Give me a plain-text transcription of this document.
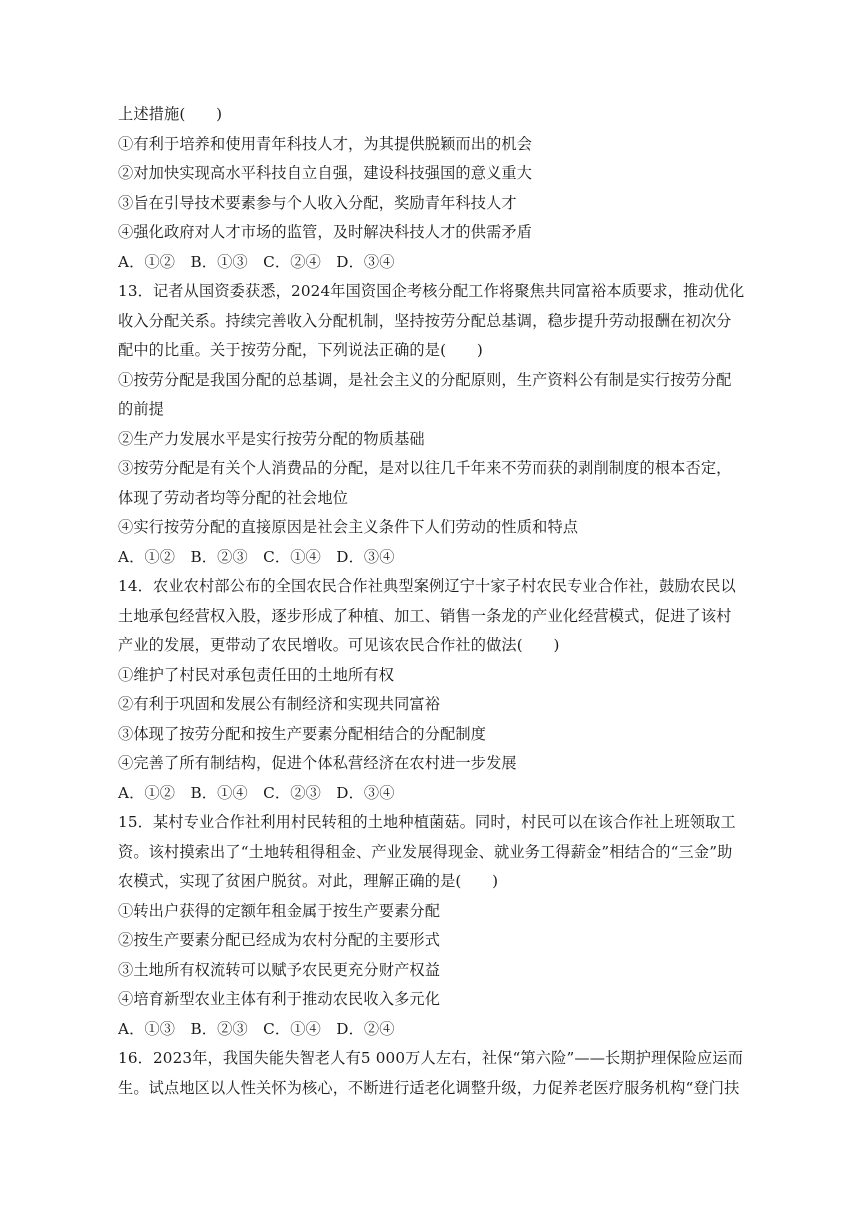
上述措施(　　)
①有利于培养和使用青年科技人才，为其提供脱颖而出的机会
②对加快实现高水平科技自立自强，建设科技强国的意义重大
③旨在引导技术要素参与个人收入分配，奖励青年科技人才
④强化政府对人才市场的监管，及时解决科技人才的供需矛盾
A．①②　B．①③　C．②④　D．③④
13．记者从国资委获悉，2024年国资国企考核分配工作将聚焦共同富裕本质要求，推动优化
收入分配关系。持续完善收入分配机制，坚持按劳分配总基调，稳步提升劳动报酬在初次分
配中的比重。关于按劳分配，下列说法正确的是(　　)
①按劳分配是我国分配的总基调，是社会主义的分配原则，生产资料公有制是实行按劳分配
的前提
②生产力发展水平是实行按劳分配的物质基础
③按劳分配是有关个人消费品的分配，是对以往几千年来不劳而获的剥削制度的根本否定，
体现了劳动者均等分配的社会地位
④实行按劳分配的直接原因是社会主义条件下人们劳动的性质和特点
A．①②　B．②③　C．①④　D．③④
14．农业农村部公布的全国农民合作社典型案例辽宁十家子村农民专业合作社，鼓励农民以
土地承包经营权入股，逐步形成了种植、加工、销售一条龙的产业化经营模式，促进了该村
产业的发展，更带动了农民增收。可见该农民合作社的做法(　　)
①维护了村民对承包责任田的土地所有权
②有利于巩固和发展公有制经济和实现共同富裕
③体现了按劳分配和按生产要素分配相结合的分配制度
④完善了所有制结构，促进个体私营经济在农村进一步发展
A．①②　B．①④　C．②③　D．③④
15．某村专业合作社利用村民转租的土地种植菌菇。同时，村民可以在该合作社上班领取工
资。该村摸索出了“土地转租得租金、产业发展得现金、就业务工得薪金”相结合的“三金”助
农模式，实现了贫困户脱贫。对此，理解正确的是(　　)
①转出户获得的定额年租金属于按生产要素分配
②按生产要素分配已经成为农村分配的主要形式
③土地所有权流转可以赋予农民更充分财产权益
④培育新型农业主体有利于推动农民收入多元化
A．①③　B．②③　C．①④　D．②④
16．2023年，我国失能失智老人有5 000万人左右，社保“第六险”——长期护理保险应运而
生。试点地区以人性关怀为核心，不断进行适老化调整升级，力促养老医疗服务机构“登门扶
